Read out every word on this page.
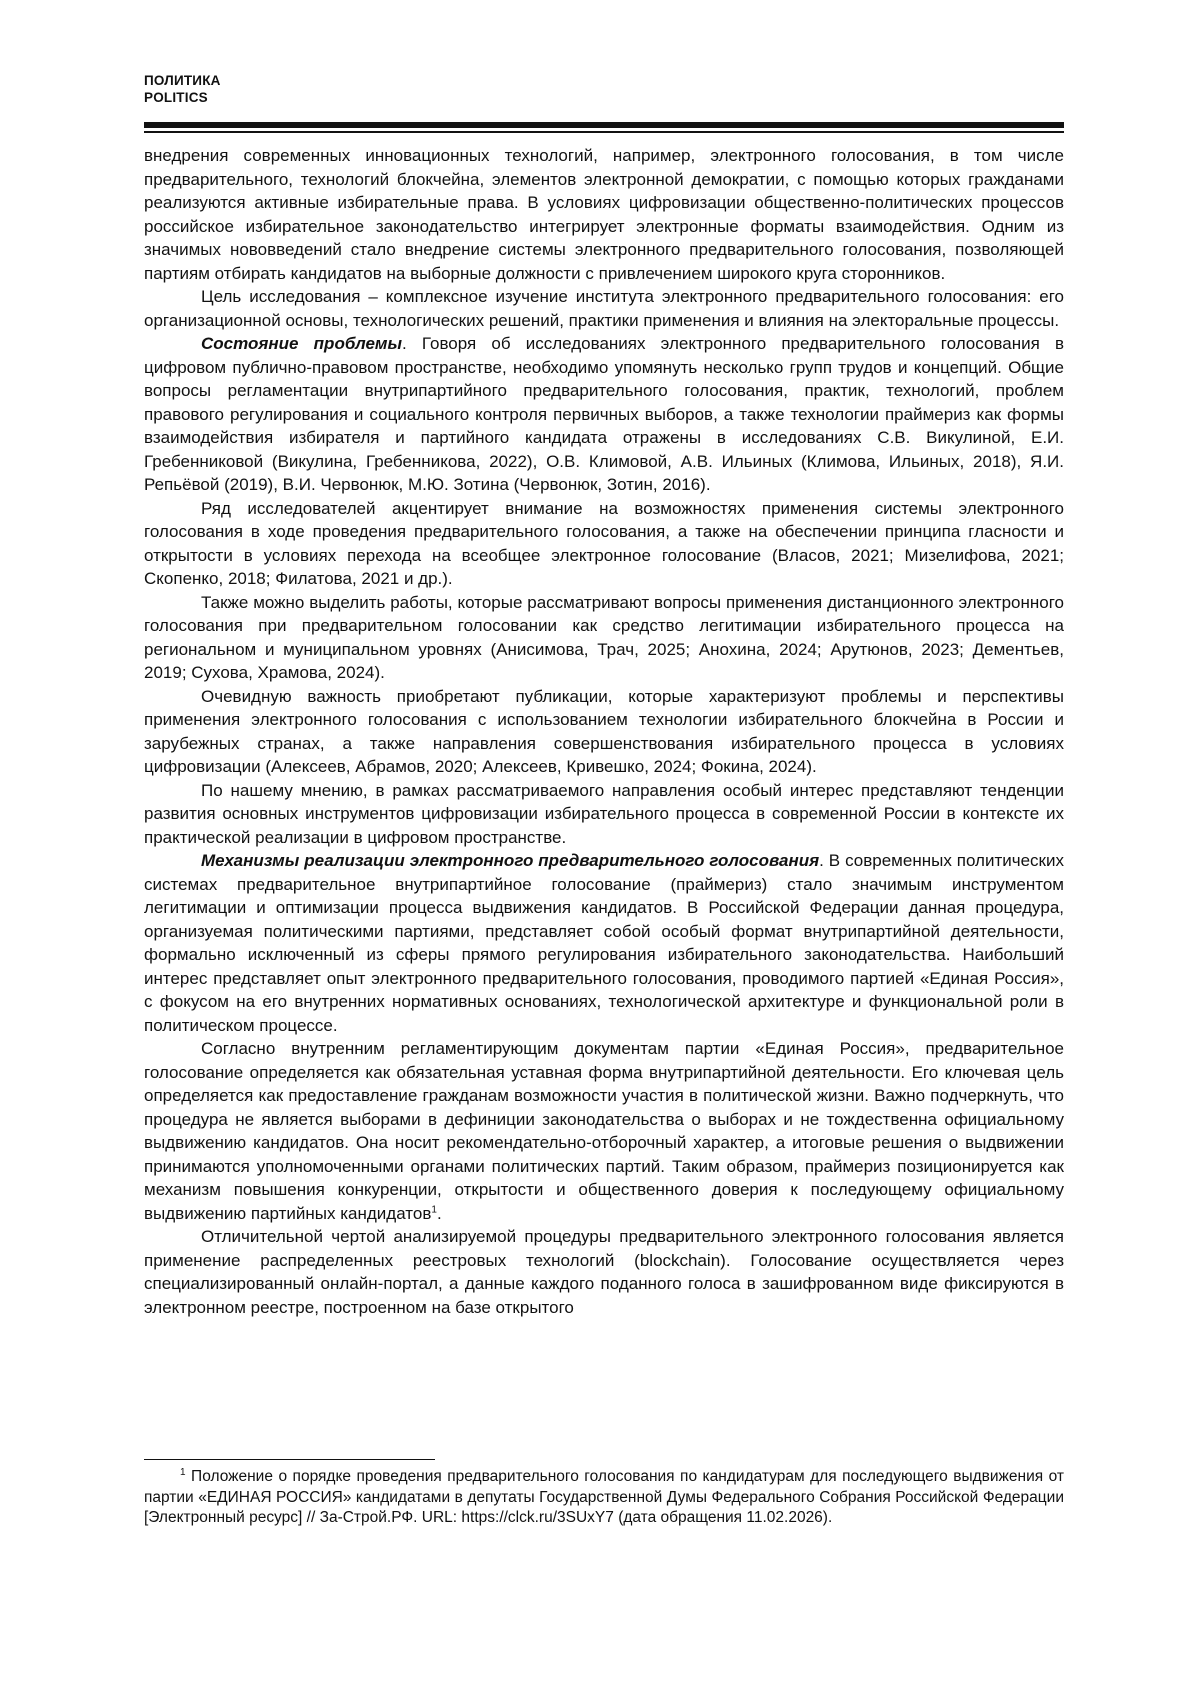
ПОЛИТИКА
POLITICS

внедрения современных инновационных технологий, например, электронного голосования, в том числе предварительного, технологий блокчейна, элементов электронной демократии, с помощью которых гражданами реализуются активные избирательные права. В условиях цифровизации общественно-политических процессов российское избирательное законодательство интегрирует электронные форматы взаимодействия. Одним из значимых нововведений стало внедрение системы электронного предварительного голосования, позволяющей партиям отбирать кандидатов на выборные должности с привлечением широкого круга сторонников.

Цель исследования – комплексное изучение института электронного предварительного голосования: его организационной основы, технологических решений, практики применения и влияния на электоральные процессы.

Состояние проблемы. Говоря об исследованиях электронного предварительного голосования в цифровом публично-правовом пространстве, необходимо упомянуть несколько групп трудов и концепций. Общие вопросы регламентации внутрипартийного предварительного голосования, практик, технологий, проблем правового регулирования и социального контроля первичных выборов, а также технологии праймериз как формы взаимодействия избирателя и партийного кандидата отражены в исследованиях С.В. Викулиной, Е.И. Гребенниковой (Викулина, Гребенникова, 2022), О.В. Климовой, А.В. Ильиных (Климова, Ильиных, 2018), Я.И. Репьёвой (2019), В.И. Червонюк, М.Ю. Зотина (Червонюк, Зотин, 2016).

Ряд исследователей акцентирует внимание на возможностях применения системы электронного голосования в ходе проведения предварительного голосования, а также на обеспечении принципа гласности и открытости в условиях перехода на всеобщее электронное голосование (Власов, 2021; Мизелифова, 2021; Скопенко, 2018; Филатова, 2021 и др.).

Также можно выделить работы, которые рассматривают вопросы применения дистанционного электронного голосования при предварительном голосовании как средство легитимации избирательного процесса на региональном и муниципальном уровнях (Анисимова, Трач, 2025; Анохина, 2024; Арутюнов, 2023; Дементьев, 2019; Сухова, Храмова, 2024).

Очевидную важность приобретают публикации, которые характеризуют проблемы и перспективы применения электронного голосования с использованием технологии избирательного блокчейна в России и зарубежных странах, а также направления совершенствования избирательного процесса в условиях цифровизации (Алексеев, Абрамов, 2020; Алексеев, Кривешко, 2024; Фокина, 2024).

По нашему мнению, в рамках рассматриваемого направления особый интерес представляют тенденции развития основных инструментов цифровизации избирательного процесса в современной России в контексте их практической реализации в цифровом пространстве.

Механизмы реализации электронного предварительного голосования. В современных политических системах предварительное внутрипартийное голосование (праймериз) стало значимым инструментом легитимации и оптимизации процесса выдвижения кандидатов. В Российской Федерации данная процедура, организуемая политическими партиями, представляет собой особый формат внутрипартийной деятельности, формально исключенный из сферы прямого регулирования избирательного законодательства. Наибольший интерес представляет опыт электронного предварительного голосования, проводимого партией «Единая Россия», с фокусом на его внутренних нормативных основаниях, технологической архитектуре и функциональной роли в политическом процессе.

Согласно внутренним регламентирующим документам партии «Единая Россия», предварительное голосование определяется как обязательная уставная форма внутрипартийной деятельности. Его ключевая цель определяется как предоставление гражданам возможности участия в политической жизни. Важно подчеркнуть, что процедура не является выборами в дефиниции законодательства о выборах и не тождественна официальному выдвижению кандидатов. Она носит рекомендательно-отборочный характер, а итоговые решения о выдвижении принимаются уполномоченными органами политических партий. Таким образом, праймериз позиционируется как механизм повышения конкуренции, открытости и общественного доверия к последующему официальному выдвижению партийных кандидатов$^1$.

Отличительной чертой анализируемой процедуры предварительного электронного голосования является применение распределенных реестровых технологий (blockchain). Голосование осуществляется через специализированный онлайн-портал, а данные каждого поданного голоса в зашифрованном виде фиксируются в электронном реестре, построенном на базе открытого

$^1$ Положение о порядке проведения предварительного голосования по кандидатурам для последующего выдвижения от партии «ЕДИНАЯ РОССИЯ» кандидатами в депутаты Государственной Думы Федерального Собрания Российской Федерации [Электронный ресурс] // За-Строй.РФ. URL: https://clck.ru/3SUxY7 (дата обращения 11.02.2026).
